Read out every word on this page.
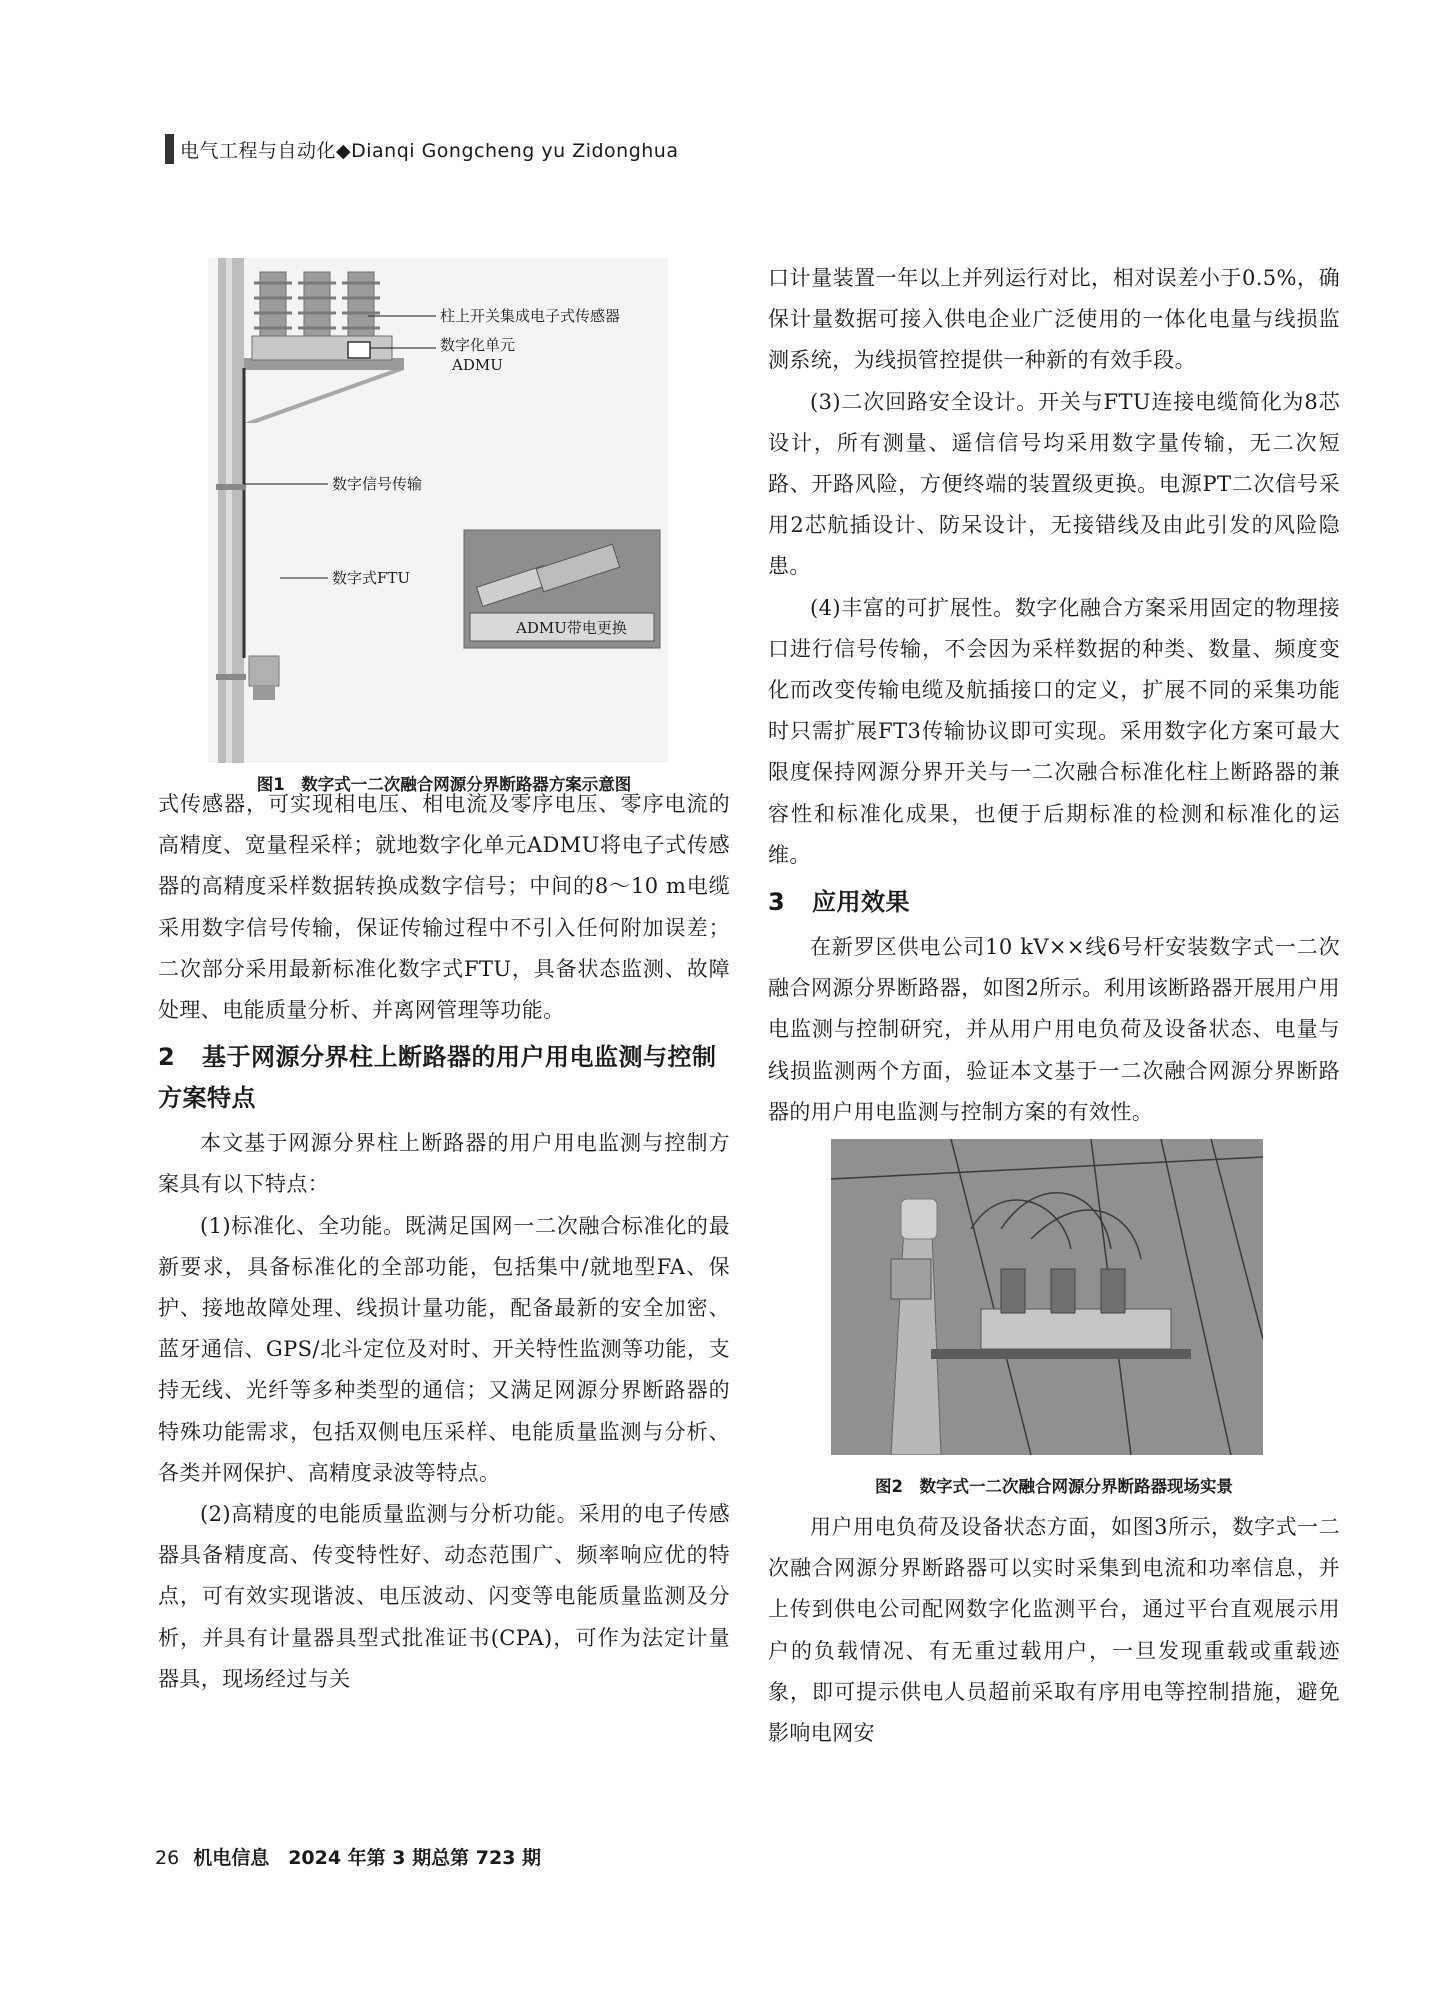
电气工程与自动化◆Dianqi Gongcheng yu Zidonghua
柱上开关集成电子式传感器
数字化单元
ADMU
数字信号传输
数字式FTU
ADMU带电更换
图1　数字式一二次融合网源分界断路器方案示意图

式传感器，可实现相电压、相电流及零序电压、零序电流的高精度、宽量程采样；就地数字化单元ADMU将电子式传感器的高精度采样数据转换成数字信号；中间的8～10 m电缆采用数字信号传输，保证传输过程中不引入任何附加误差；二次部分采用最新标准化数字式FTU，具备状态监测、故障处理、电能质量分析、并离网管理等功能。

2 基于网源分界柱上断路器的用户用电监测与控制方案特点

本文基于网源分界柱上断路器的用户用电监测与控制方案具有以下特点：

(1)标准化、全功能。既满足国网一二次融合标准化的最新要求，具备标准化的全部功能，包括集中/就地型FA、保护、接地故障处理、线损计量功能，配备最新的安全加密、蓝牙通信、GPS/北斗定位及对时、开关特性监测等功能，支持无线、光纤等多种类型的通信；又满足网源分界断路器的特殊功能需求，包括双侧电压采样、电能质量监测与分析、各类并网保护、高精度录波等特点。

(2)高精度的电能质量监测与分析功能。采用的电子传感器具备精度高、传变特性好、动态范围广、频率响应优的特点，可有效实现谐波、电压波动、闪变等电能质量监测及分析，并具有计量器具型式批准证书(CPA)，可作为法定计量器具，现场经过与关

口计量装置一年以上并列运行对比，相对误差小于0.5%，确保计量数据可接入供电企业广泛使用的一体化电量与线损监测系统，为线损管控提供一种新的有效手段。

(3)二次回路安全设计。开关与FTU连接电缆简化为8芯设计，所有测量、遥信信号均采用数字量传输，无二次短路、开路风险，方便终端的装置级更换。电源PT二次信号采用2芯航插设计、防呆设计，无接错线及由此引发的风险隐患。

(4)丰富的可扩展性。数字化融合方案采用固定的物理接口进行信号传输，不会因为采样数据的种类、数量、频度变化而改变传输电缆及航插接口的定义，扩展不同的采集功能时只需扩展FT3传输协议即可实现。采用数字化方案可最大限度保持网源分界开关与一二次融合标准化柱上断路器的兼容性和标准化成果，也便于后期标准的检测和标准化的运维。

3 应用效果

在新罗区供电公司10 kV××线6号杆安装数字式一二次融合网源分界断路器，如图2所示。利用该断路器开展用户用电监测与控制研究，并从用户用电负荷及设备状态、电量与线损监测两个方面，验证本文基于一二次融合网源分界断路器的用户用电监测与控制方案的有效性。

图2　数字式一二次融合网源分界断路器现场实景

用户用电负荷及设备状态方面，如图3所示，数字式一二次融合网源分界断路器可以实时采集到电流和功率信息，并上传到供电公司配网数字化监测平台，通过平台直观展示用户的负载情况、有无重过载用户，一旦发现重载或重载迹象，即可提示供电人员超前采取有序用电等控制措施，避免影响电网安

26 机电信息　2024 年第 3 期总第 723 期
